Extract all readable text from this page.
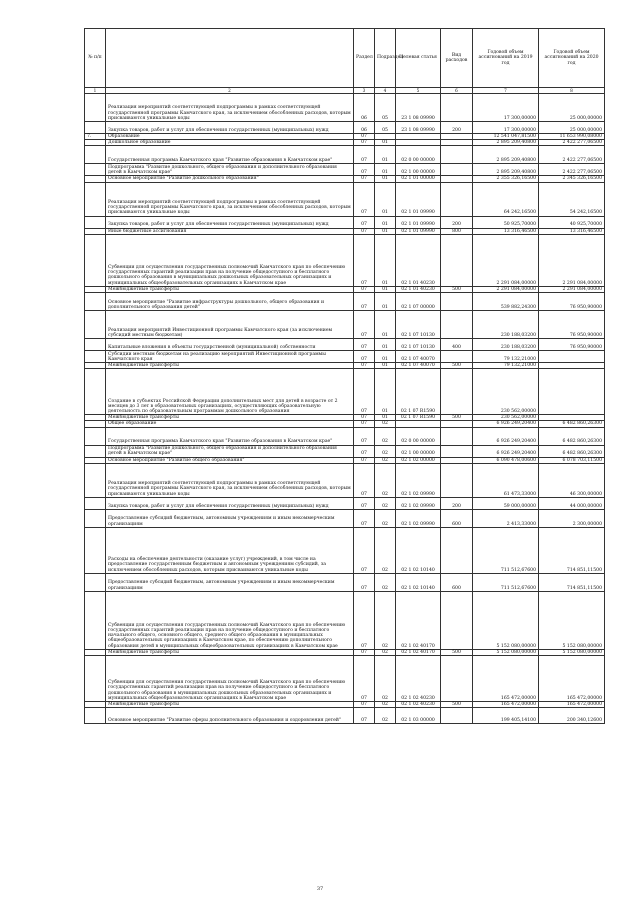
№ п/п		Раздел	Подраздел	Целевая статья	Вид расходов	Годовой объем ассигнований на 2019 год	Годовой объем ассигнований на 2020 год
1	2	3	4	5	6	7	8
	Реализация мероприятий соответствующей подпрограммы в рамках соответствующей государственной программы Камчатского края, за исключением обособленных расходов, которым присваиваются уникальные коды	06	05	23 1 08 09990		17 300,00000	25 000,00000
	Закупка товаров, работ и услуг для обеспечения государственных (муниципальных) нужд	06	05	23 1 08 09990	200	17 300,00000	25 000,00000
7.	Образование	07				12 541 047,81500	11 653 990,08000
	Дошкольное образование	07	01			2 895 209,40800	2 422 277,06500
	Государственная программа Камчатского края "Развитие образования в Камчатском крае"	07	01	02 0 00 00000		2 895 209,40800	2 422 277,06500
	Подпрограмма "Развитие дошкольного, общего образования и дополнительного образования детей в Камчатском крае"	07	01	02 1 00 00000		2 895 209,40800	2 422 277,06500
	Основное мероприятие "Развитие дошкольного образования"	07	01	02 1 01 00000		2 355 326,16500	2 345 326,16500
	Реализация мероприятий соответствующей подпрограммы в рамках соответствующей государственной программы Камчатского края, за исключением обособленных расходов, которым присваиваются уникальные коды	07	01	02 1 01 09990		64 242,16500	54 242,16500
	Закупка товаров, работ и услуг для обеспечения государственных (муниципальных) нужд	07	01	02 1 01 09990	200	50 925,70000	40 925,70000
	Иные бюджетные ассигнования	07	01	02 1 01 09990	800	13 316,46500	13 316,46500
	Субвенции для осуществления государственных полномочий Камчатского края по обеспечению государственных гарантий реализации прав на получение общедоступного и бесплатного дошкольного образования в муниципальных дошкольных образовательных организациях и муниципальных общеобразовательных организациях в Камчатском крае	07	01	02 1 01 40230		2 291 084,00000	2 291 084,00000
	Межбюджетные трансферты	07	01	02 1 01 40230	500	2 291 084,00000	2 291 084,00000
	Основное мероприятие "Развитие инфраструктуры дошкольного, общего образования и дополнительного образования детей"	07	01	02 1 07 00000		539 882,24300	76 950,90000
	Реализация мероприятий Инвестиционной программы Камчатского края (за исключением субсидий местным бюджетам)	07	01	02 1 07 10130		230 188,03200	76 950,90000
	Капитальные вложения в объекты государственной (муниципальной) собственности	07	01	02 1 07 10130	400	230 188,03200	76 950,90000
	Субсидии местным бюджетам на реализацию мероприятий Инвестиционной программы Камчатского края	07	01	02 1 07 40070		79 132,21000	
	Межбюджетные трансферты	07	01	02 1 07 40070	500	79 132,21000	
	Создание в субъектах Российской Федерации дополнительных мест для детей в возрасте от 2 месяцев до 3 лет в образовательных организациях, осуществляющих образовательную деятельность по образовательным программам дошкольного образования	07	01	02 1 07 R1590		230 562,00000	
	Межбюджетные трансферты	07	01	02 1 07 R1590	500	230 562,00000	
	Общее образование	07	02			6 926 249,20400	6 482 860,26300
	Государственная программа Камчатского края "Развитие образования в Камчатском крае"	07	02	02 0 00 00000		6 926 249,20400	6 482 860,26300
	Подпрограмма "Развитие дошкольного, общего образования и дополнительного образования детей в Камчатском крае"	07	02	02 1 00 00000		6 926 249,20400	6 482 860,26300
	Основное мероприятие "Развитие общего образования"	07	02	02 1 02 00000		6 090 478,00600	6 078 703,11500
	Реализация мероприятий соответствующей подпрограммы в рамках соответствующей государственной программы Камчатского края, за исключением обособленных расходов, которым присваиваются уникальные коды	07	02	02 1 02 09990		61 473,33000	46 300,00000
	Закупка товаров, работ и услуг для обеспечения государственных (муниципальных) нужд	07	02	02 1 02 09990	200	59 000,00000	44 000,00000
	Предоставление субсидий бюджетным, автономным учреждениям и иным некоммерческим организациям	07	02	02 1 02 09990	600	2 413,33000	2 300,00000
	Расходы на обеспечение деятельности (оказание услуг) учреждений, в том числе на предоставление государственным бюджетным и автономным учреждениям субсидий, за исключением обособленных расходов, которым присваиваются уникальные коды	07	02	02 1 02 10140		711 512,67600	714 851,11500
	Предоставление субсидий бюджетным, автономным учреждениям и иным некоммерческим организациям	07	02	02 1 02 10140	600	711 512,67600	714 851,11500
	Субвенции для осуществления государственных полномочий Камчатского края по обеспечению государственных гарантий реализации прав на получение общедоступного и бесплатного начального общего, основного общего, среднего общего образования в муниципальных общеобразовательных организациях в Камчатском крае, по обеспечению дополнительного образования детей в муниципальных общеобразовательных организациях в Камчатском крае	07	02	02 1 02 40170		5 152 080,00000	5 152 080,00000
	Межбюджетные трансферты	07	02	02 1 02 40170	500	5 152 080,00000	5 152 080,00000
	Субвенции для осуществления государственных полномочий Камчатского края по обеспечению государственных гарантий реализации прав на получение общедоступного и бесплатного дошкольного образования в муниципальных дошкольных образовательных организациях и муниципальных общеобразовательных организациях в Камчатском крае	07	02	02 1 02 40230		165 472,00000	165 472,00000
	Межбюджетные трансферты	07	02	02 1 02 40230	500	165 472,00000	165 472,00000
	Основное мероприятие "Развитие сферы дополнительного образования и оздоровления детей"	07	02	02 1 03 00000		199 405,14100	200 340,12600
37
